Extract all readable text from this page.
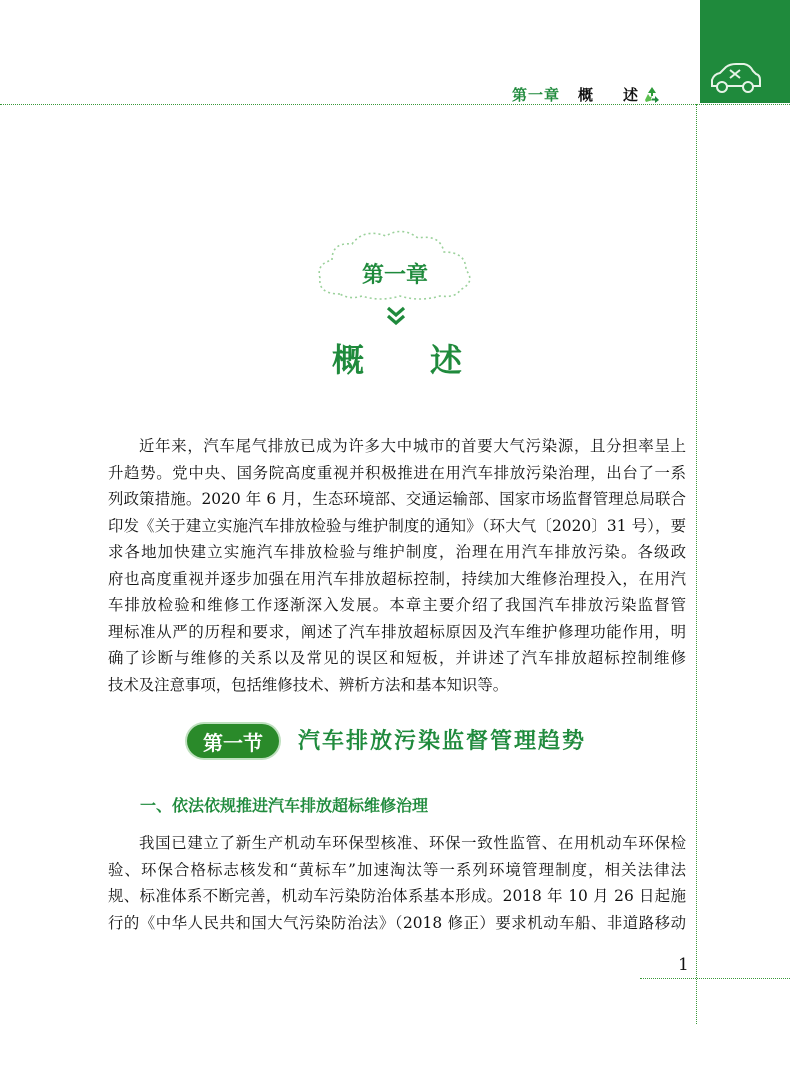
第一章 概 述
第一章
概 述

近年来，汽车尾气排放已成为许多大中城市的首要大气污染源，且分担率呈上
升趋势。党中央、国务院高度重视并积极推进在用汽车排放污染治理，出台了一系
列政策措施。2020 年 6 月，生态环境部、交通运输部、国家市场监督管理总局联合
印发《关于建立实施汽车排放检验与维护制度的通知》（环大气〔2020〕31 号），要
求各地加快建立实施汽车排放检验与维护制度，治理在用汽车排放污染。各级政
府也高度重视并逐步加强在用汽车排放超标控制，持续加大维修治理投入，在用汽
车排放检验和维修工作逐渐深入发展。本章主要介绍了我国汽车排放污染监督管
理标准从严的历程和要求，阐述了汽车排放超标原因及汽车维护修理功能作用，明
确了诊断与维修的关系以及常见的误区和短板，并讲述了汽车排放超标控制维修
技术及注意事项，包括维修技术、辨析方法和基本知识等。

第一节	汽车排放污染监督管理趋势
一、依法依规推进汽车排放超标维修治理

我国已建立了新生产机动车环保型核准、环保一致性监管、在用机动车环保检
验、环保合格标志核发和“黄标车”加速淘汰等一系列环境管理制度，相关法律法
规、标准体系不断完善，机动车污染防治体系基本形成。2018 年 10 月 26 日起施
行的《中华人民共和国大气污染防治法》（2018 修正）要求机动车船、非道路移动

1
